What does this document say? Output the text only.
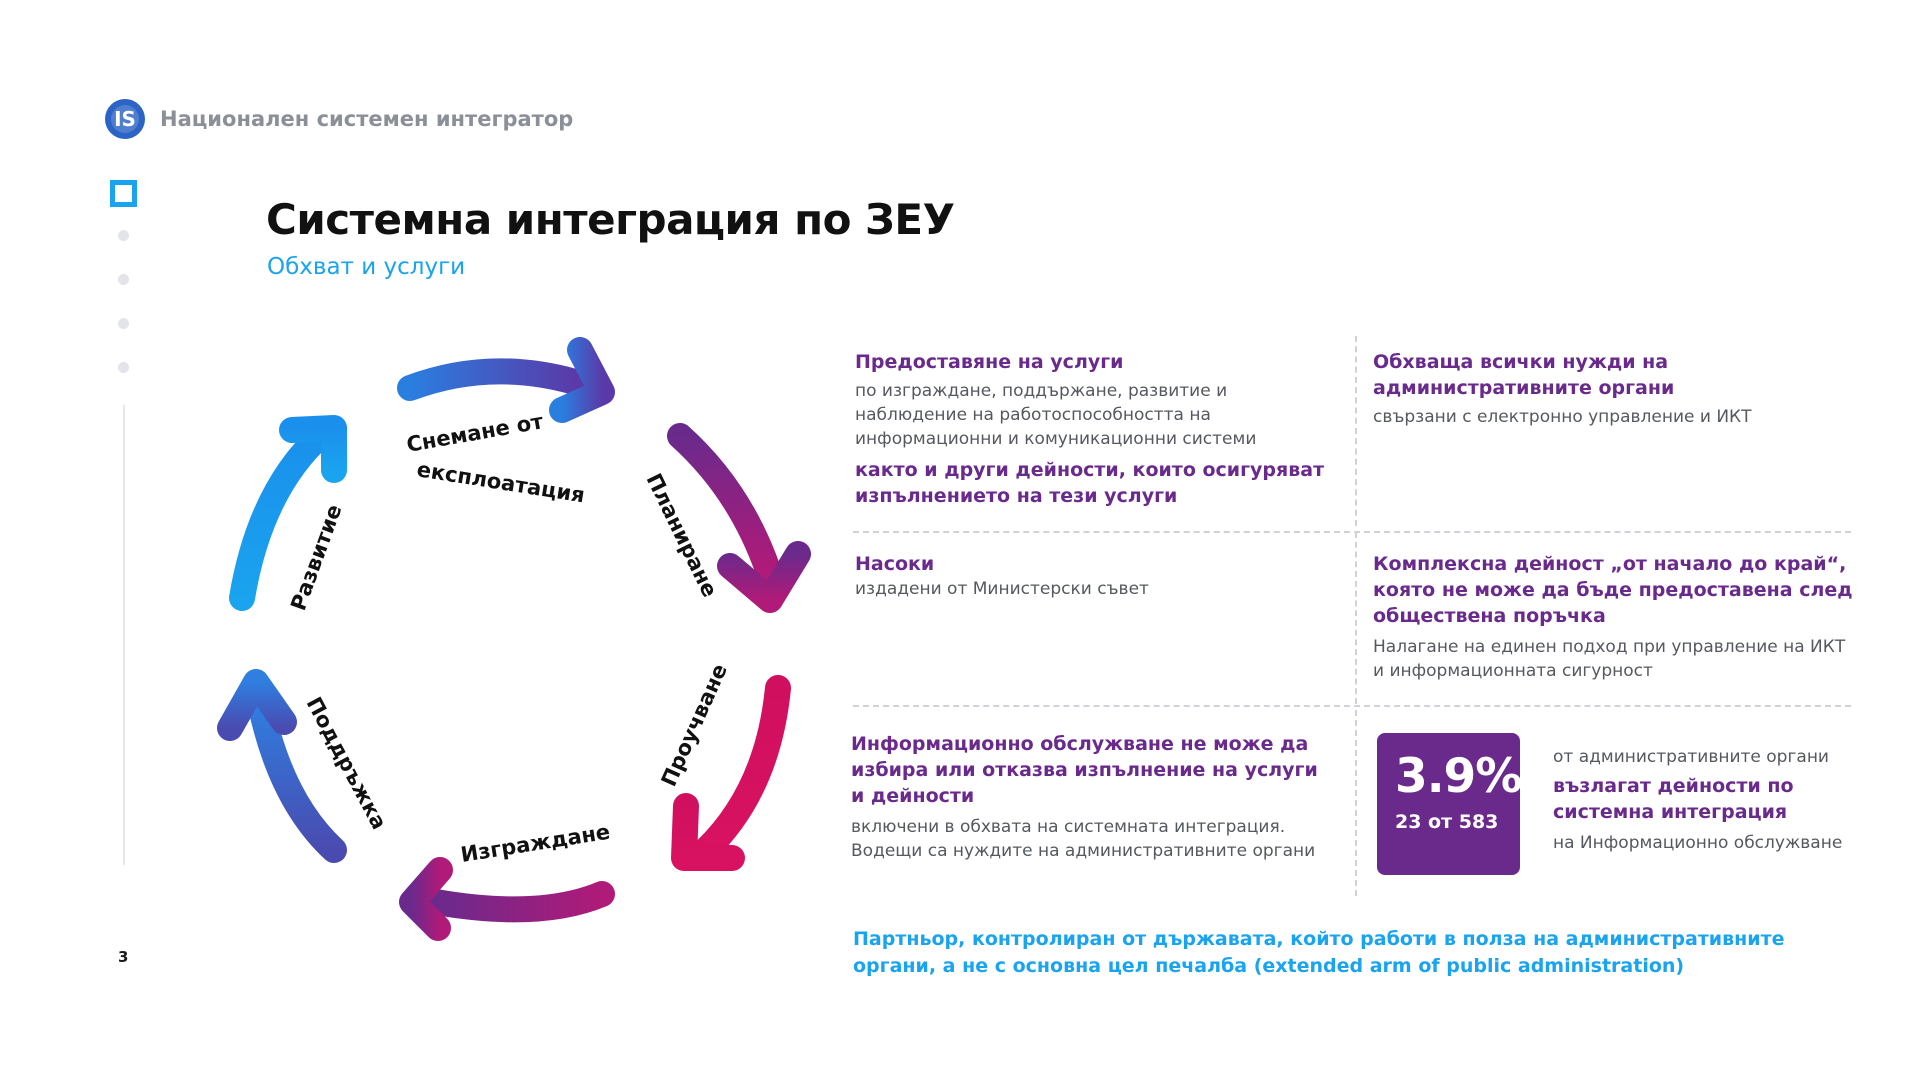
IS Национален системен интегратор
3
Системна интеграция по ЗЕУ
Обхват и услуги
Снемане от
експлоатация	Планиране
Проучване
Изграждане
Поддръжка
Развитие
Предоставяне на услуги
по изграждане, поддържане, развитие и наблюдение на работоспособността на информационни и комуникационни системи
както и други дейности, които осигуряват изпълнението на тези услуги
Обхваща всички нужди на административните органи
свързани с електронно управление и ИКТ
Насоки
издадени от Министерски съвет
Комплексна дейност „от начало до край“, която не може да бъде предоставена след обществена поръчка
Налагане на единен подход при управление на ИКТ и информационната сигурност
Информационно обслужване не може да избира или отказва изпълнение на услуги и дейности
включени в обхвата на системната интеграция. Водещи са нуждите на административните органи
3.9%
23 от 583
от административните органи
възлагат дейности по системна интеграция
на Информационно обслужване
Партньор, контролиран от държавата, който работи в полза на административните органи, а не с основна цел печалба (extended arm of public administration)
